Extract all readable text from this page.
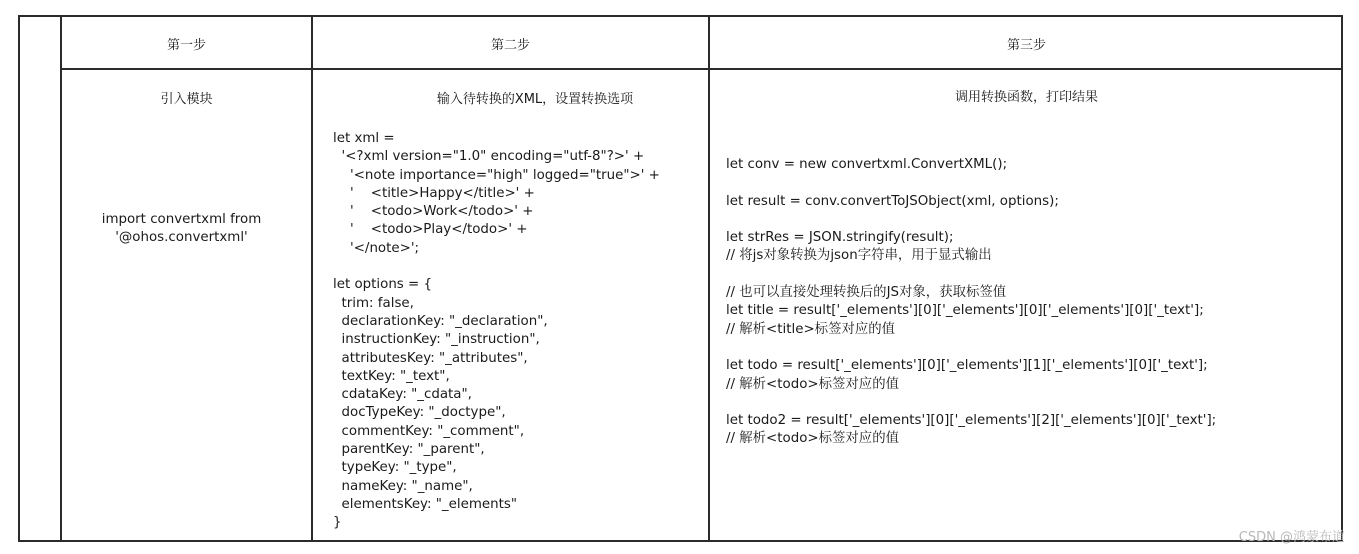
第一步	第二步	第三步
引入模块
import convertxml from
'@ohos.convertxml'
输入待转换的XML，设置转换选项
let xml =
'<?xml version="1.0" encoding="utf-8"?>' +
'<note importance="high" logged="true">' +
'    <title>Happy</title>' +
'    <todo>Work</todo>' +
'    <todo>Play</todo>' +
'</note>';

let options = {
trim: false,
declarationKey: "_declaration",
instructionKey: "_instruction",
attributesKey: "_attributes",
textKey: "_text",
cdataKey: "_cdata",
docTypeKey: "_doctype",
commentKey: "_comment",
parentKey: "_parent",
typeKey: "_type",
nameKey: "_name",
elementsKey: "_elements"
}
调用转换函数，打印结果
let conv = new convertxml.ConvertXML();

let result = conv.convertToJSObject(xml, options);

let strRes = JSON.stringify(result);
// 将js对象转换为json字符串，用于显式输出

// 也可以直接处理转换后的JS对象，获取标签值
let title = result['_elements'][0]['_elements'][0]['_elements'][0]['_text'];
// 解析<title>标签对应的值

let todo = result['_elements'][0]['_elements'][1]['_elements'][0]['_text'];
// 解析<todo>标签对应的值

let todo2 = result['_elements'][0]['_elements'][2]['_elements'][0]['_text'];
// 解析<todo>标签对应的值
CSDN @鸿蒙布道
